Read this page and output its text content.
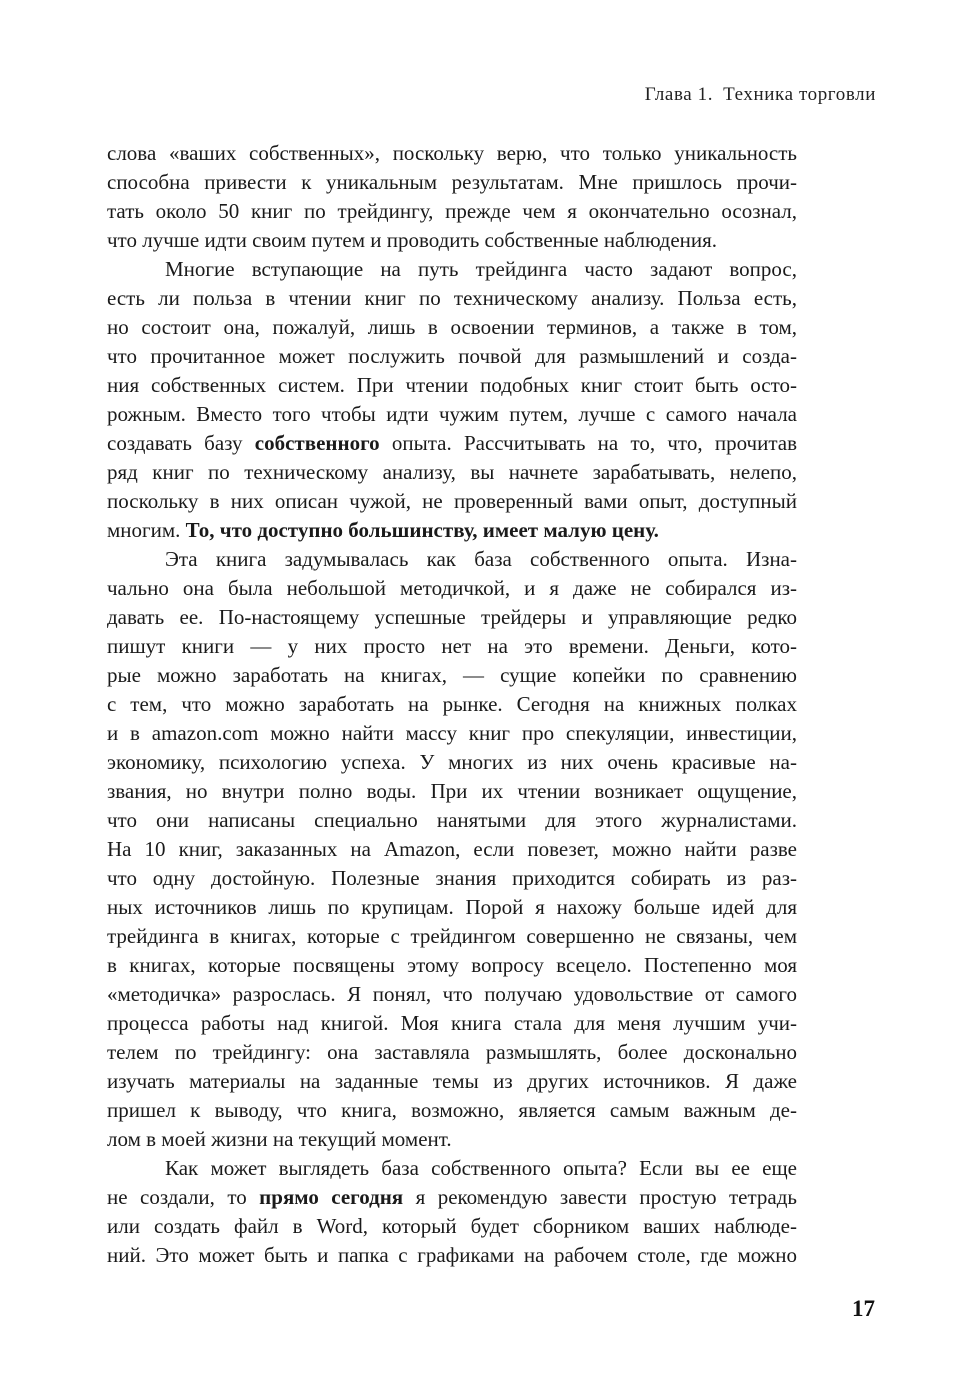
Глава 1. Техника торговли
слова «ваших собственных», поскольку верю, что только уникальность
способна привести к уникальным результатам. Мне пришлось прочи-
тать около 50 книг по трейдингу, прежде чем я окончательно осознал,
что лучше идти своим путем и проводить собственные наблюдения.
Многие вступающие на путь трейдинга часто задают вопрос,
есть ли польза в чтении книг по техническому анализу. Польза есть,
но состоит она, пожалуй, лишь в освоении терминов, а также в том,
что прочитанное может послужить почвой для размышлений и созда-
ния собственных систем. При чтении подобных книг стоит быть осто-
рожным. Вместо того чтобы идти чужим путем, лучше с самого начала
создавать базу собственного опыта. Рассчитывать на то, что, прочитав
ряд книг по техническому анализу, вы начнете зарабатывать, нелепо,
поскольку в них описан чужой, не проверенный вами опыт, доступный
многим. То, что доступно большинству, имеет малую цену.
Эта книга задумывалась как база собственного опыта. Изна-
чально она была небольшой методичкой, и я даже не собирался из-
давать ее. По-настоящему успешные трейдеры и управляющие редко
пишут книги — у них просто нет на это времени. Деньги, кото-
рые можно заработать на книгах, — сущие копейки по сравнению
с тем, что можно заработать на рынке. Сегодня на книжных полках
и в amazon.com можно найти массу книг про спекуляции, инвестиции,
экономику, психологию успеха. У многих из них очень красивые на-
звания, но внутри полно воды. При их чтении возникает ощущение,
что они написаны специально нанятыми для этого журналистами.
На 10 книг, заказанных на Amazon, если повезет, можно найти разве
что одну достойную. Полезные знания приходится собирать из раз-
ных источников лишь по крупицам. Порой я нахожу больше идей для
трейдинга в книгах, которые с трейдингом совершенно не связаны, чем
в книгах, которые посвящены этому вопросу всецело. Постепенно моя
«методичка» разрослась. Я понял, что получаю удовольствие от самого
процесса работы над книгой. Моя книга стала для меня лучшим учи-
телем по трейдингу: она заставляла размышлять, более досконально
изучать материалы на заданные темы из других источников. Я даже
пришел к выводу, что книга, возможно, является самым важным де-
лом в моей жизни на текущий момент.
Как может выглядеть база собственного опыта? Если вы ее еще
не создали, то прямо сегодня я рекомендую завести простую тетрадь
или создать файл в Word, который будет сборником ваших наблюде-
ний. Это может быть и папка с графиками на рабочем столе, где можно
17
